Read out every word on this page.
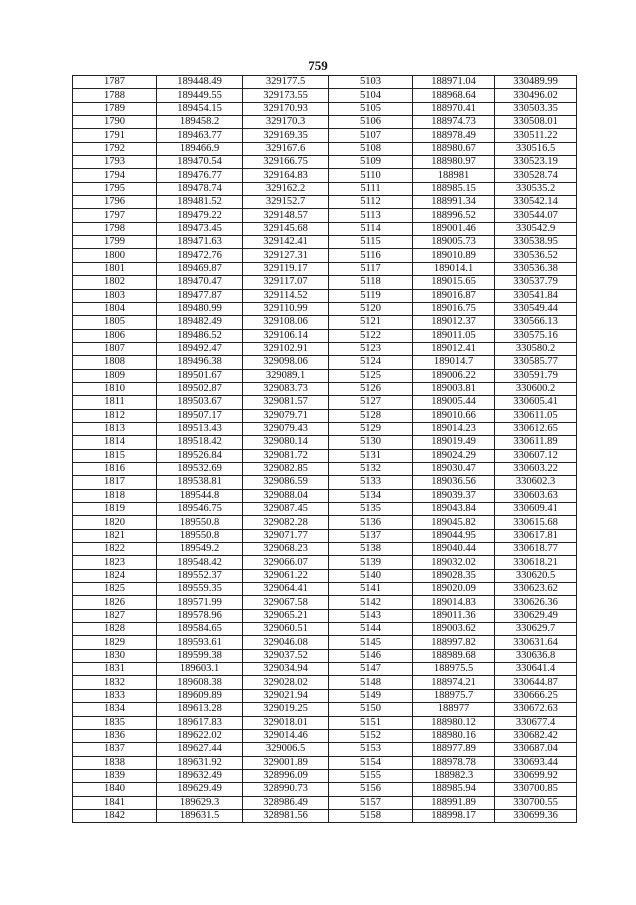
759
1787	189448.49	329177.5	5103	188971.04	330489.99
1788	189449.55	329173.55	5104	188968.64	330496.02
1789	189454.15	329170.93	5105	188970.41	330503.35
1790	189458.2	329170.3	5106	188974.73	330508.01
1791	189463.77	329169.35	5107	188978.49	330511.22
1792	189466.9	329167.6	5108	188980.67	330516.5
1793	189470.54	329166.75	5109	188980.97	330523.19
1794	189476.77	329164.83	5110	188981	330528.74
1795	189478.74	329162.2	5111	188985.15	330535.2
1796	189481.52	329152.7	5112	188991.34	330542.14
1797	189479.22	329148.57	5113	188996.52	330544.07
1798	189473.45	329145.68	5114	189001.46	330542.9
1799	189471.63	329142.41	5115	189005.73	330538.95
1800	189472.76	329127.31	5116	189010.89	330536.52
1801	189469.87	329119.17	5117	189014.1	330536.38
1802	189470.47	329117.07	5118	189015.65	330537.79
1803	189477.87	329114.52	5119	189016.87	330541.84
1804	189480.99	329110.99	5120	189016.75	330549.44
1805	189482.49	329108.06	5121	189012.37	330566.13
1806	189486.52	329106.14	5122	189011.05	330575.16
1807	189492.47	329102.91	5123	189012.41	330580.2
1808	189496.38	329098.06	5124	189014.7	330585.77
1809	189501.67	329089.1	5125	189006.22	330591.79
1810	189502.87	329083.73	5126	189003.81	330600.2
1811	189503.67	329081.57	5127	189005.44	330605.41
1812	189507.17	329079.71	5128	189010.66	330611.05
1813	189513.43	329079.43	5129	189014.23	330612.65
1814	189518.42	329080.14	5130	189019.49	330611.89
1815	189526.84	329081.72	5131	189024.29	330607.12
1816	189532.69	329082.85	5132	189030.47	330603.22
1817	189538.81	329086.59	5133	189036.56	330602.3
1818	189544.8	329088.04	5134	189039.37	330603.63
1819	189546.75	329087.45	5135	189043.84	330609.41
1820	189550.8	329082.28	5136	189045.82	330615.68
1821	189550.8	329071.77	5137	189044.95	330617.81
1822	189549.2	329068.23	5138	189040.44	330618.77
1823	189548.42	329066.07	5139	189032.02	330618.21
1824	189552.37	329061.22	5140	189028.35	330620.5
1825	189559.35	329064.41	5141	189020.09	330623.62
1826	189571.99	329067.58	5142	189014.83	330626.36
1827	189578.96	329065.21	5143	189011.36	330629.49
1828	189584.65	329060.51	5144	189003.62	330629.7
1829	189593.61	329046.08	5145	188997.82	330631.64
1830	189599.38	329037.52	5146	188989.68	330636.8
1831	189603.1	329034.94	5147	188975.5	330641.4
1832	189608.38	329028.02	5148	188974.21	330644.87
1833	189609.89	329021.94	5149	188975.7	330666.25
1834	189613.28	329019.25	5150	188977	330672.63
1835	189617.83	329018.01	5151	188980.12	330677.4
1836	189622.02	329014.46	5152	188980.16	330682.42
1837	189627.44	329006.5	5153	188977.89	330687.04
1838	189631.92	329001.89	5154	188978.78	330693.44
1839	189632.49	328996.09	5155	188982.3	330699.92
1840	189629.49	328990.73	5156	188985.94	330700.85
1841	189629.3	328986.49	5157	188991.89	330700.55
1842	189631.5	328981.56	5158	188998.17	330699.36
